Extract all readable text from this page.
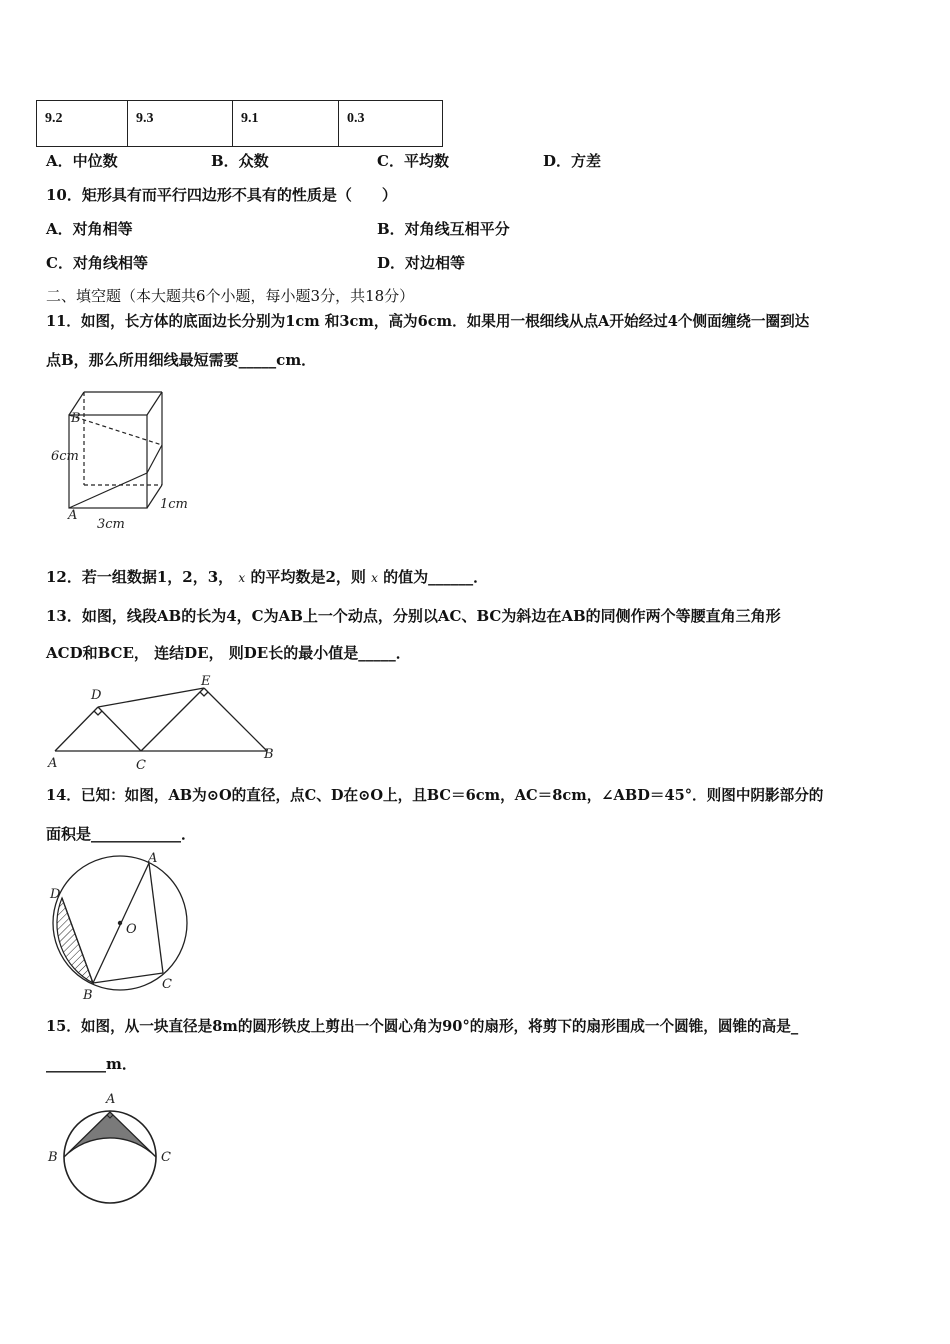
9.2	9.3	9.1	0.3
A．中位数	B．众数	C．平均数	D．方差
10．矩形具有而平行四边形不具有的性质是（　　）
A．对角相等	B．对角线互相平分
C．对角线相等	D．对边相等
二、填空题（本大题共6个小题，每小题3分，共18分）
11．如图，长方体的底面边长分别为1cm 和3cm，高为6cm．如果用一根细线从点A开始经过4个侧面缠绕一圈到达
点B，那么所用细线最短需要_____cm．
B
A
6cm
3cm
1cm
12．若一组数据1，2，3， x 的平均数是2，则 x 的值为______．
13．如图，线段AB的长为4，C为AB上一个动点，分别以AC、BC为斜边在AB的同侧作两个等腰直角三角形
ACD和BCE， 连结DE， 则DE长的最小值是_____．
A
B
C
D
E
14．已知：如图，AB为⊙O的直径，点C、D在⊙O上，且BC＝6cm，AC＝8cm，∠ABD＝45°．则图中阴影部分的
面积是____________．
A
B
C
D
O
15．如图，从一块直径是8m的圆形铁皮上剪出一个圆心角为90°的扇形，将剪下的扇形围成一个圆锥，圆锥的高是_
________m．
A
B	C
